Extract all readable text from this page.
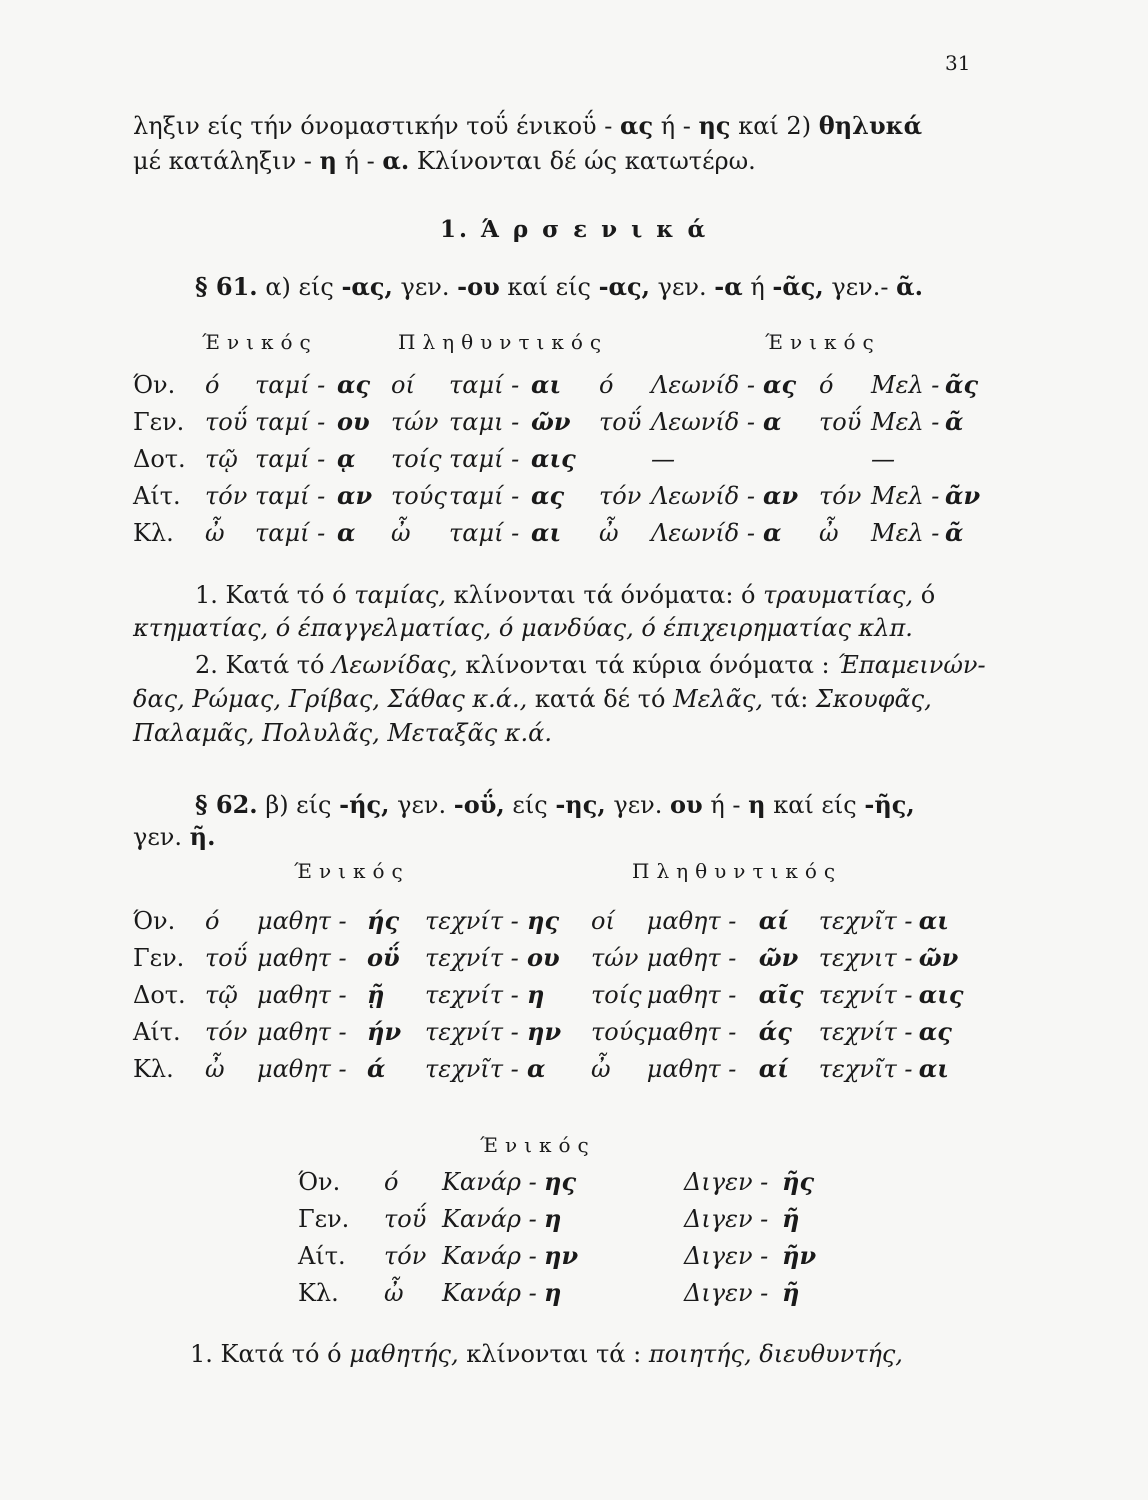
31
ληξιν είς τήν όνομαστικήν τοΰ ένικοΰ - ας ή - ης καί 2) θηλυκά
μέ κατάληξιν - η ή - α. Κλίνονται δέ ώς κατωτέρω.
1. Ά ρ σ ε ν ι κ ά
§ 61. α) είς -ας, γεν. -ου καί είς -ας, γεν. -α ή -ᾶς, γεν.- ᾶ.
Ένικός	Πληθυντικός	Ένικός
Όν.	ό	ταμί -	ας	οί	ταμί -	αι	ό	Λεωνίδ -	ας	ό	Μελ -	ᾶς
Γεν.	τοΰ	ταμί -	ου	τών	ταμι -	ῶν	τοΰ	Λεωνίδ -	α	τοΰ	Μελ -	ᾶ
Δοτ.	τῷ	ταμί -	ᾳ	τοίς	ταμί -	αις		—			—	
Αίτ.	τόν	ταμί -	αν	τούς	ταμί -	ας	τόν	Λεωνίδ -	αν	τόν	Μελ -	ᾶν
Κλ.	ὦ	ταμί -	α	ὦ	ταμί -	αι	ὦ	Λεωνίδ -	α	ὦ	Μελ -	ᾶ
1. Κατά τό ό ταμίας, κλίνονται τά όνόματα: ό τραυματίας, ό
κτηματίας, ό έπαγγελματίας, ό μανδύας, ό έπιχειρηματίας κλπ.
2. Κατά τό Λεωνίδας, κλίνονται τά κύρια όνόματα : Έπαμεινών-
δας, Ρώμας, Γρίβας, Σάθας κ.ά., κατά δέ τό Μελᾶς, τά: Σκουφᾶς,
Παλαμᾶς, Πολυλᾶς, Μεταξᾶς κ.ά.
§ 62. β) είς -ής, γεν. -οΰ, είς -ης, γεν. ου ή - η καί είς -ῆς,
γεν. ῆ.
Ένικός	Πληθυντικός
Όν.	ό	μαθητ -	ής	τεχνίτ -	ης	οί	μαθητ -	αί	τεχνῖτ -	αι
Γεν.	τοΰ	μαθητ -	οΰ	τεχνίτ -	ου	τών	μαθητ -	ῶν	τεχνιτ -	ῶν
Δοτ.	τῷ	μαθητ -	ῇ	τεχνίτ -	η	τοίς	μαθητ -	αῖς	τεχνίτ -	αις
Αίτ.	τόν	μαθητ -	ήν	τεχνίτ -	ην	τούς	μαθητ -	άς	τεχνίτ -	ας
Κλ.	ὦ	μαθητ -	ά	τεχνῖτ -	α	ὦ	μαθητ -	αί	τεχνῖτ -	αι
Ένικός
Όν.	ό	Κανάρ -	ης	Διγεν -	ῆς
Γεν.	τοΰ	Κανάρ -	η	Διγεν -	ῆ
Αίτ.	τόν	Κανάρ -	ην	Διγεν -	ῆν
Κλ.	ὦ	Κανάρ -	η	Διγεν -	ῆ
1. Κατά τό ό μαθητής, κλίνονται τά : ποιητής, διευθυντής,
